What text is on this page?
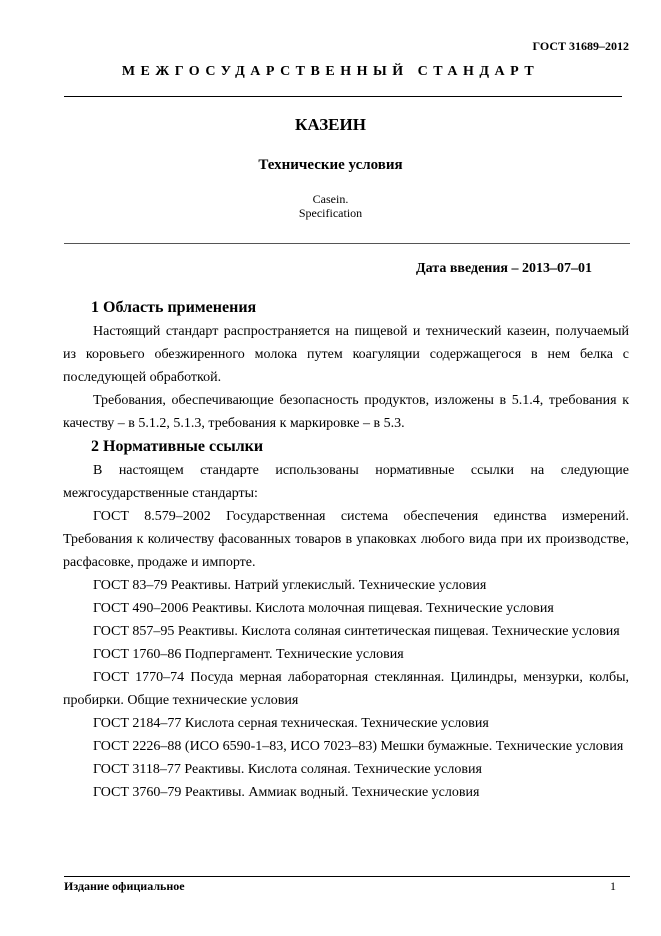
ГОСТ 31689–2012
МЕЖГОСУДАРСТВЕННЫЙ СТАНДАРТ
КАЗЕИН
Технические условия
Casein.
Specification
Дата введения – 2013–07–01

1 Область применения

Настоящий стандарт распространяется на пищевой и технический казеин, получаемый из коровьего обезжиренного молока путем коагуляции содержащегося в нем белка с последующей обработкой.

Требования, обеспечивающие безопасность продуктов, изложены в 5.1.4, требования к качеству – в 5.1.2, 5.1.3, требования к маркировке – в 5.3.

2 Нормативные ссылки

В настоящем стандарте использованы нормативные ссылки на следующие межгосударственные стандарты:

ГОСТ 8.579–2002 Государственная система обеспечения единства измерений. Требования к количеству фасованных товаров в упаковках любого вида при их производстве, расфасовке, продаже и импорте.

ГОСТ 83–79 Реактивы. Натрий углекислый. Технические условия

ГОСТ 490–2006 Реактивы. Кислота молочная пищевая. Технические условия

ГОСТ 857–95 Реактивы. Кислота соляная синтетическая пищевая. Технические условия

ГОСТ 1760–86 Подпергамент. Технические условия

ГОСТ 1770–74 Посуда мерная лабораторная стеклянная. Цилиндры, мензурки, колбы, пробирки. Общие технические условия

ГОСТ 2184–77 Кислота серная техническая. Технические условия

ГОСТ 2226–88 (ИСО 6590-1–83, ИСО 7023–83) Мешки бумажные. Технические условия

ГОСТ 3118–77 Реактивы. Кислота соляная. Технические условия

ГОСТ 3760–79 Реактивы. Аммиак водный. Технические условия

Издание официальное	1
